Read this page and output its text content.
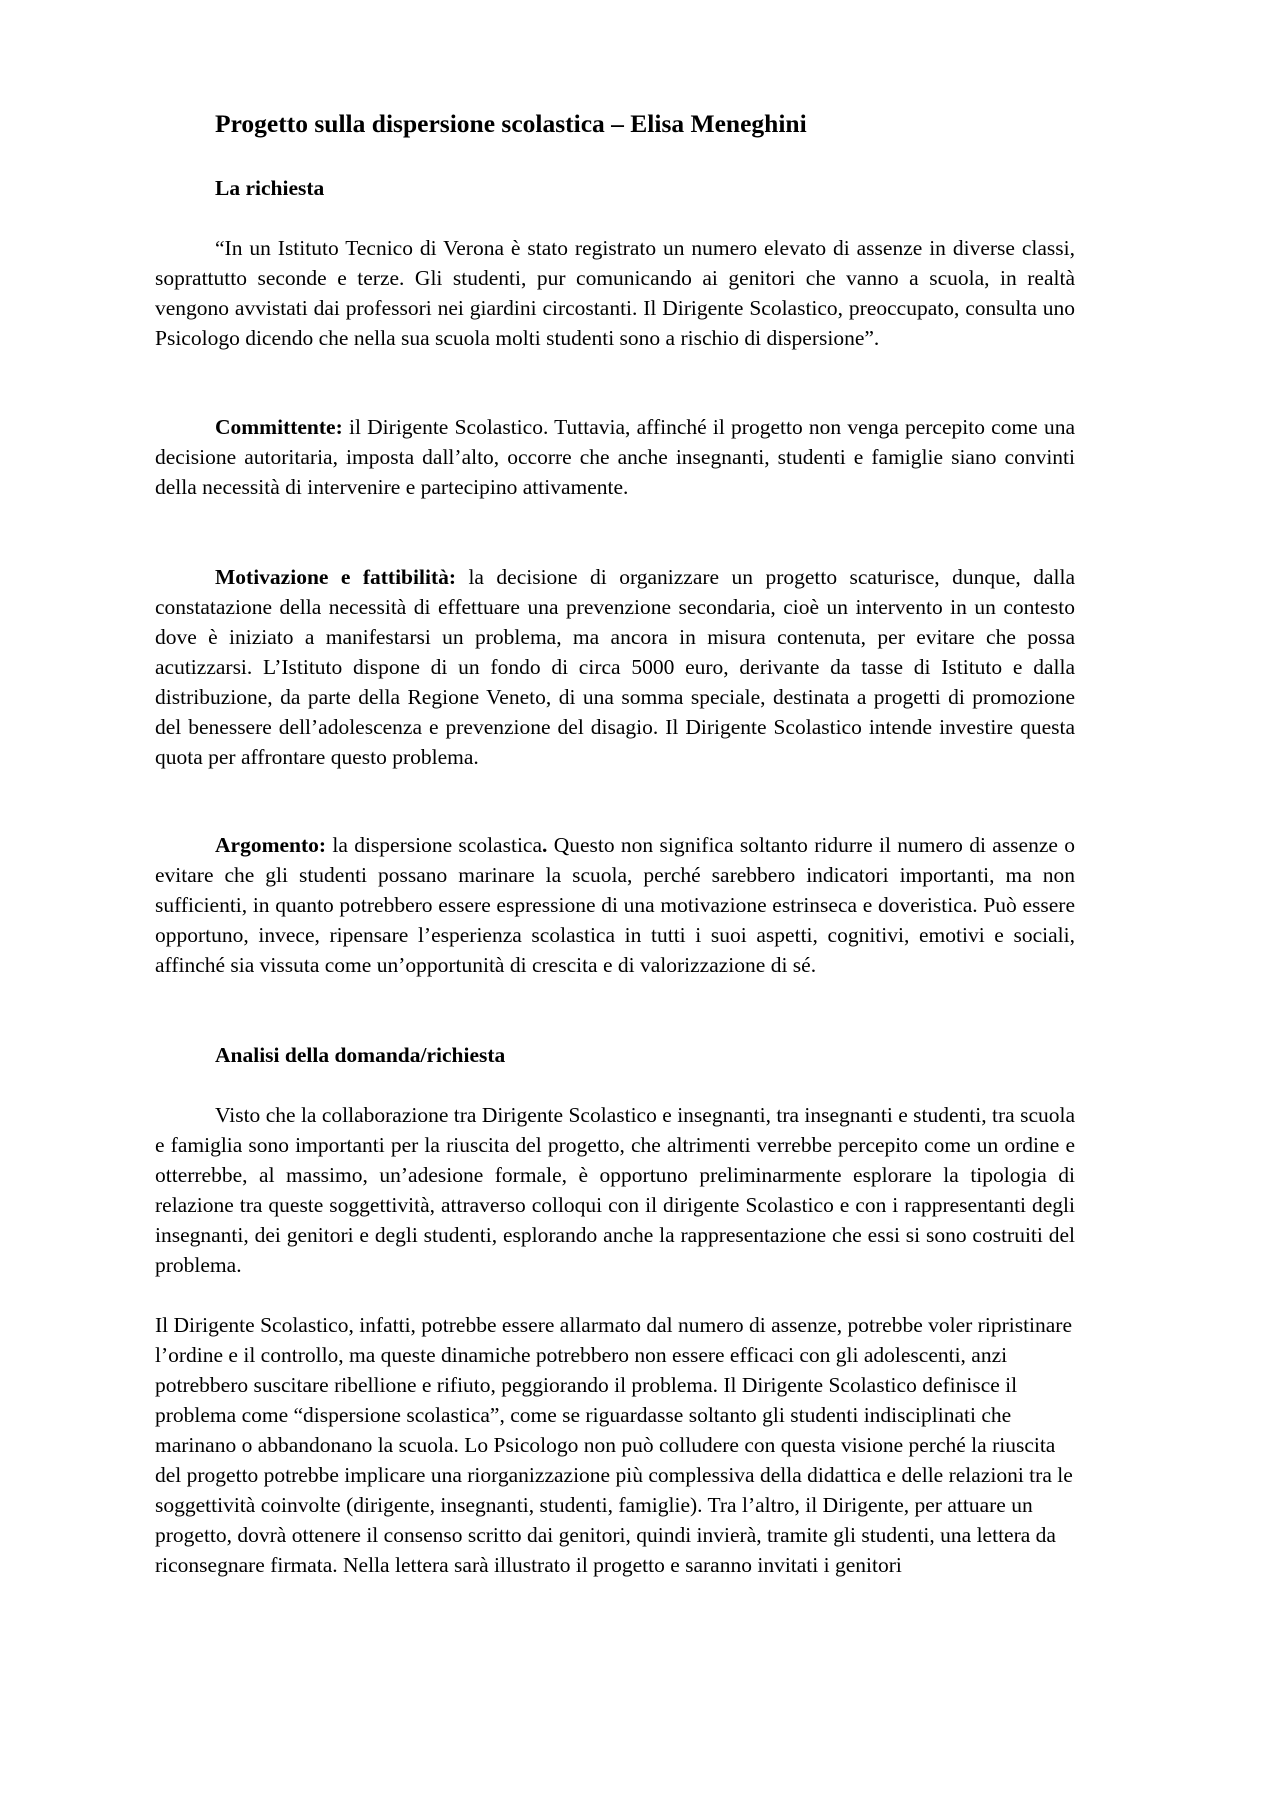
Progetto sulla dispersione scolastica – Elisa Meneghini
La richiesta

“In un Istituto Tecnico di Verona è stato registrato un numero elevato di assenze in diverse classi, soprattutto seconde e terze. Gli studenti, pur comunicando ai genitori che vanno a scuola, in realtà vengono avvistati dai professori nei giardini circostanti. Il Dirigente Scolastico, preoccupato, consulta uno Psicologo dicendo che nella sua scuola molti studenti sono a rischio di dispersione”.

Committente: il Dirigente Scolastico. Tuttavia, affinché il progetto non venga percepito come una decisione autoritaria, imposta dall’alto, occorre che anche insegnanti, studenti e famiglie siano convinti della necessità di intervenire e partecipino attivamente.

Motivazione e fattibilità: la decisione di organizzare un progetto scaturisce, dunque, dalla constatazione della necessità di effettuare una prevenzione secondaria, cioè un intervento in un contesto dove è iniziato a manifestarsi un problema, ma ancora in misura contenuta, per evitare che possa acutizzarsi. L’Istituto dispone di un fondo di circa 5000 euro, derivante da tasse di Istituto e dalla distribuzione, da parte della Regione Veneto, di una somma speciale, destinata a progetti di promozione del benessere dell’adolescenza e prevenzione del disagio. Il Dirigente Scolastico intende investire questa quota per affrontare questo problema.

Argomento: la dispersione scolastica. Questo non significa soltanto ridurre il numero di assenze o evitare che gli studenti possano marinare la scuola, perché sarebbero indicatori importanti, ma non sufficienti, in quanto potrebbero essere espressione di una motivazione estrinseca e doveristica. Può essere opportuno, invece, ripensare l’esperienza scolastica in tutti i suoi aspetti, cognitivi, emotivi e sociali, affinché sia vissuta come un’opportunità di crescita e di valorizzazione di sé.

Analisi della domanda/richiesta

Visto che la collaborazione tra Dirigente Scolastico e insegnanti, tra insegnanti e studenti, tra scuola e famiglia sono importanti per la riuscita del progetto, che altrimenti verrebbe percepito come un ordine e otterrebbe, al massimo, un’adesione formale, è opportuno preliminarmente esplorare la tipologia di relazione tra queste soggettività, attraverso colloqui con il dirigente Scolastico e con i rappresentanti degli insegnanti, dei genitori e degli studenti, esplorando anche la rappresentazione che essi si sono costruiti del problema.

Il Dirigente Scolastico, infatti, potrebbe essere allarmato dal numero di assenze, potrebbe voler ripristinare l’ordine e il controllo, ma queste dinamiche potrebbero non essere efficaci con gli adolescenti, anzi potrebbero suscitare ribellione e rifiuto, peggiorando il problema. Il Dirigente Scolastico definisce il problema come “dispersione scolastica”, come se riguardasse soltanto gli studenti indisciplinati che marinano o abbandonano la scuola. Lo Psicologo non può colludere con questa visione perché la riuscita del progetto potrebbe implicare una riorganizzazione più complessiva della didattica e delle relazioni tra le soggettività coinvolte (dirigente, insegnanti, studenti, famiglie). Tra l’altro, il Dirigente, per attuare un progetto, dovrà ottenere il consenso scritto dai genitori, quindi invierà, tramite gli studenti, una lettera da riconsegnare firmata. Nella lettera sarà illustrato il progetto e saranno invitati i genitori
